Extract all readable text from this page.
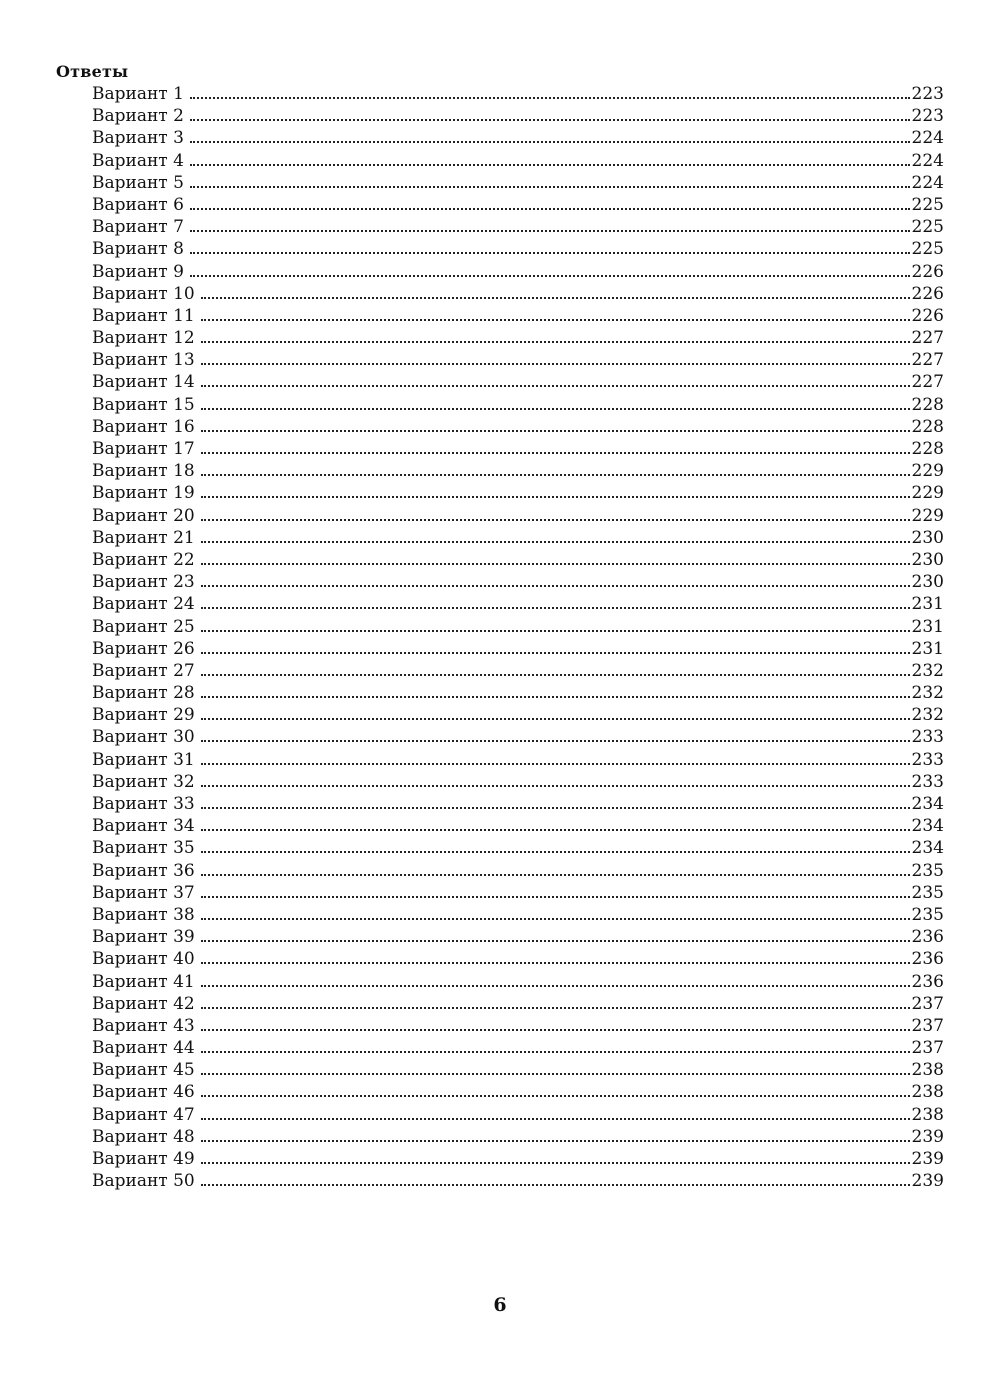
Ответы
Вариант 1	223
Вариант 2	223
Вариант 3	224
Вариант 4	224
Вариант 5	224
Вариант 6	225
Вариант 7	225
Вариант 8	225
Вариант 9	226
Вариант 10	226
Вариант 11	226
Вариант 12	227
Вариант 13	227
Вариант 14	227
Вариант 15	228
Вариант 16	228
Вариант 17	228
Вариант 18	229
Вариант 19	229
Вариант 20	229
Вариант 21	230
Вариант 22	230
Вариант 23	230
Вариант 24	231
Вариант 25	231
Вариант 26	231
Вариант 27	232
Вариант 28	232
Вариант 29	232
Вариант 30	233
Вариант 31	233
Вариант 32	233
Вариант 33	234
Вариант 34	234
Вариант 35	234
Вариант 36	235
Вариант 37	235
Вариант 38	235
Вариант 39	236
Вариант 40	236
Вариант 41	236
Вариант 42	237
Вариант 43	237
Вариант 44	237
Вариант 45	238
Вариант 46	238
Вариант 47	238
Вариант 48	239
Вариант 49	239
Вариант 50	239
6
